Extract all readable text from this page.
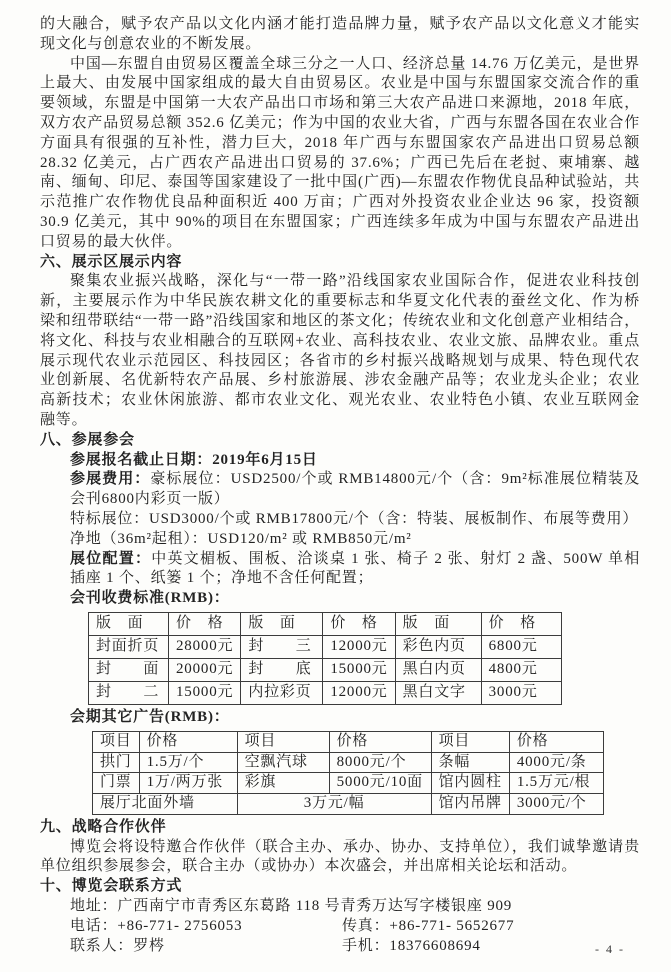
的大融合，赋予农产品以文化内涵才能打造品牌力量，赋予农产品以文化意义才能实现文化与创意农业的不断发展。

中国—东盟自由贸易区覆盖全球三分之一人口、经济总量 14.76 万亿美元，是世界上最大、由发展中国家组成的最大自由贸易区。农业是中国与东盟国家交流合作的重要领域，东盟是中国第一大农产品出口市场和第三大农产品进口来源地，2018 年底，双方农产品贸易总额 352.6 亿美元；作为中国的农业大省，广西与东盟各国在农业合作方面具有很强的互补性，潜力巨大，2018 年广西与东盟国家农产品进出口贸易总额 28.32 亿美元，占广西农产品进出口贸易的 37.6%；广西已先后在老挝、柬埔寨、越南、缅甸、印尼、泰国等国家建设了一批中国(广西)—东盟农作物优良品种试验站，共示范推广农作物优良品种面积近 400 万亩；广西对外投资农业企业达 96 家，投资额 30.9 亿美元，其中 90%的项目在东盟国家；广西连续多年成为中国与东盟农产品进出口贸易的最大伙伴。

六、展示区展示内容

聚集农业振兴战略，深化与“一带一路”沿线国家农业国际合作，促进农业科技创新，主要展示作为中华民族农耕文化的重要标志和华夏文化代表的蚕丝文化、作为桥梁和纽带联结“一带一路”沿线国家和地区的茶文化；传统农业和文化创意产业相结合，将文化、科技与农业相融合的互联网+农业、高科技农业、农业文旅、品牌农业。重点展示现代农业示范园区、科技园区；各省市的乡村振兴战略规划与成果、特色现代农业创新展、名优新特农产品展、乡村旅游展、涉农金融产品等；农业龙头企业；农业高新技术；农业休闲旅游、都市农业文化、观光农业、农业特色小镇、农业互联网金融等。

八、参展参会

参展报名截止日期：2019年6月15日

参展费用：豪标展位：USD2500/个或 RMB14800元/个（含：9m²标准展位精装及会刊6800内彩页一版）

特标展位：USD3000/个或 RMB17800元/个（含：特装、展板制作、布展等费用）

净地（36m²起租）：USD120/m² 或 RMB850元/m²

展位配置：中英文楣板、围板、洽谈桌 1 张、椅子 2 张、射灯 2 盏、500W 单相插座 1 个、纸篓 1 个；净地不含任何配置；

会刊收费标准(RMB)：

版　面	价　格	版　面	价　格	版　面	价　格
封面折页	28000元	封　　三	12000元	彩色内页	6800元
封　　面	20000元	封　　底	15000元	黑白内页	4800元
封　　二	15000元	内拉彩页	12000元	黑白文字	3000元

会期其它广告(RMB)：

项目	价格	项目	价格	项目	价格
拱门	1.5万/个	空飘汽球	8000元/个	条幅	4000元/条
门票	1万/两万张	彩旗	5000元/10面	馆内圆柱	1.5万元/根
展厅北面外墙		3万元/幅		馆内吊牌	3000元/个
九、战略合作伙伴

博览会将设特邀合作伙伴（联合主办、承办、协办、支持单位），我们诚挚邀请贵单位组织参展参会，联合主办（或协办）本次盛会，并出席相关论坛和活动。

十、博览会联系方式

地址：广西南宁市青秀区东葛路 118 号青秀万达写字楼银座 909

电话：+86-771- 2756053	传真：+86-771- 5652677
联系人：罗梣	手机：18376608694	- 4 -
